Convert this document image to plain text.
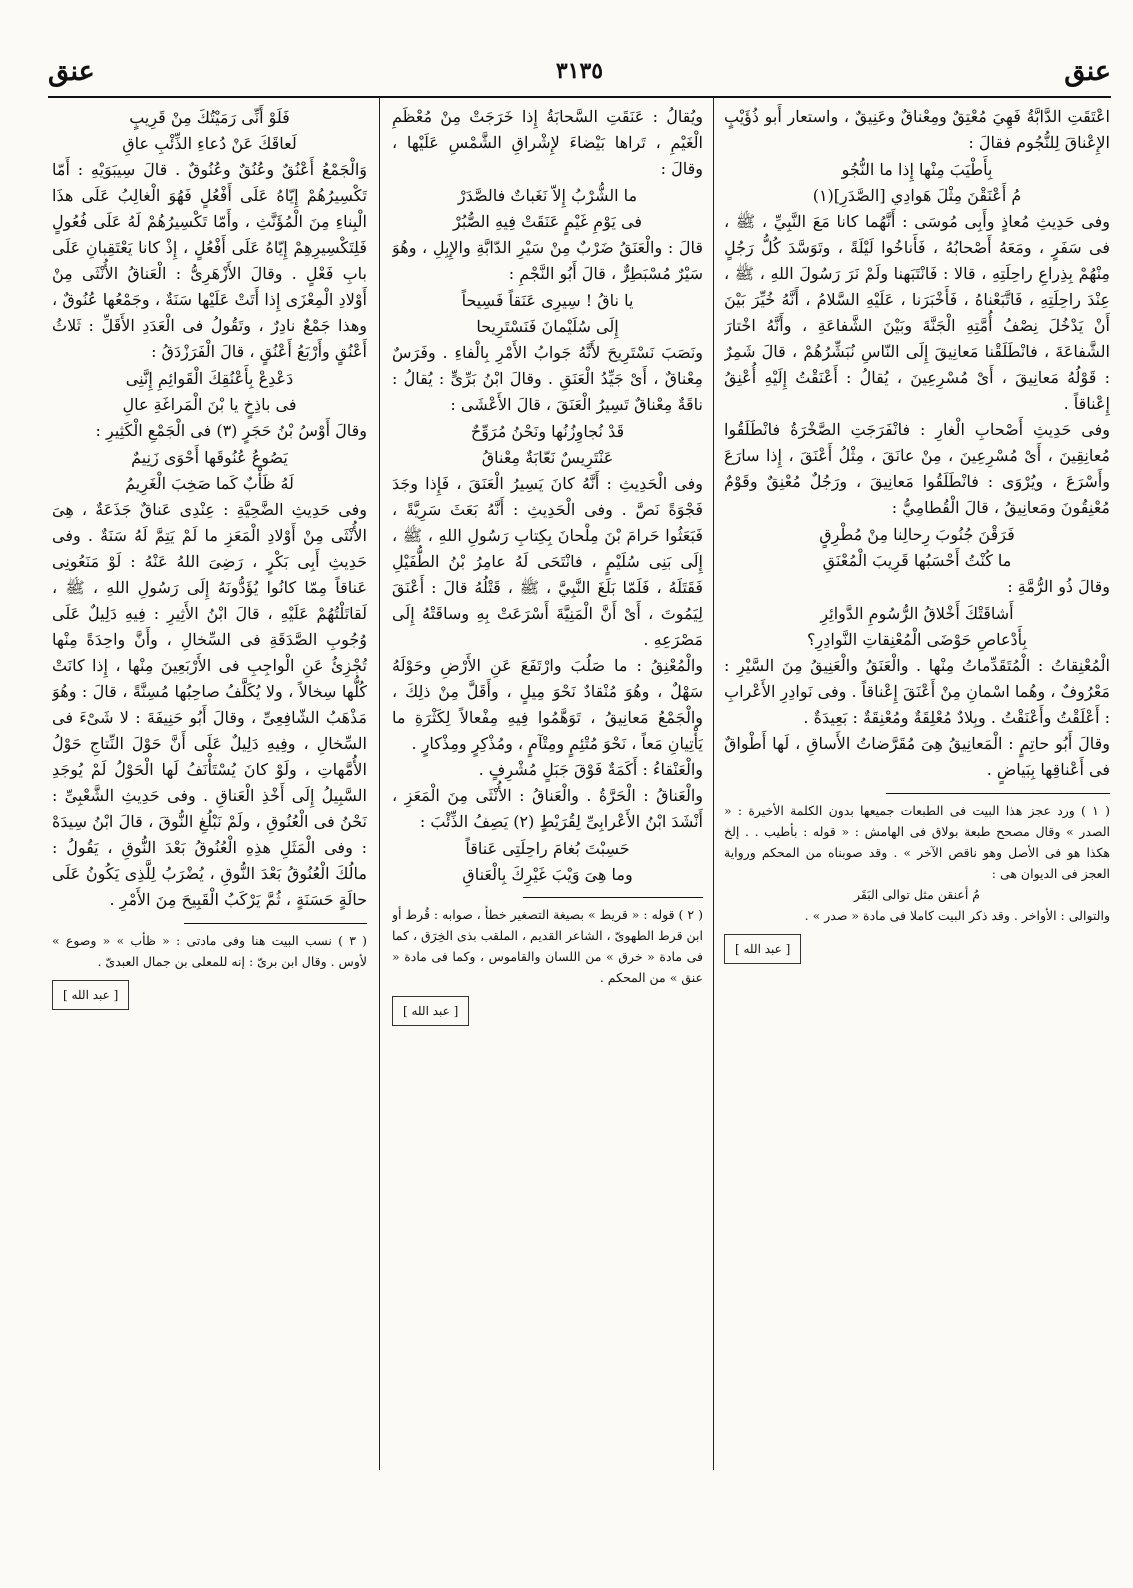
عنق
٣١٣٥
عنق

اعْتَقَتِ الدَّابَّةُ فَهِيَ مُعْتِقٌ ومِعْناقٌ وعَنِيقٌ ، واستعار أَبو ذُؤَيْبٍ الإِعْناقَ لِلنُّجُوم فقالَ :

بِأَطْيَبَ مِنْها إِذا ما النُّجُو
مُ أَعْنَقْنَ مِثْلَ هَوادِي [الصَّدَرِ](١)

وفى حَدِيثِ مُعاذٍ وأَبِى مُوسَى : أَنَّهُما كانا مَعَ النَّبِيِّ ، ﷺ ، فى سَفَرٍ ، ومَعَهُ أَصْحابُهُ ، فَأَناخُوا لَيْلَةً ، وتَوَسَّدَ كُلُّ رَجُلٍ مِنْهُمْ بِذِراعِ راحِلَتِهِ ، قالا : فَانْتَبَهنا ولَمْ نَرَ رَسُولَ اللهِ ، ﷺ ، عِنْدَ راحِلَتِهِ ، فَاتَّبَعْناهُ ، فَأَخْبَرَنا ، عَلَيْهِ السَّلامُ ، أَنَّهُ خُيِّرَ بَيْنَ أَنْ يَدْخُلَ نِصْفُ أُمَّتِهِ الْجَنَّةَ وبَيْنَ الشَّفاعَةِ ، وأَنَّهُ اخْتارَ الشَّفاعَةَ ، فانْطَلَقْنا مَعانِيقَ إِلَى النّاسِ نُبَشِّرُهُمْ ، قالَ شَمِرٌ : قَوْلُهُ مَعانِيقَ ، أَىْ مُسْرِعِينَ ، يُقالُ : أَعْنَقْتُ إِلَيْهِ أُعْنِقُ إِعْناقاً .

وفى حَدِيثِ أَصْحابِ الْغارِ : فانْفَرَجَتِ الصَّخْرَةُ فانْطَلَقُوا مُعانِقِينَ ، أَىْ مُسْرِعِينَ ، مِنْ عانَقَ ، مِثْلُ أَعْنَقَ ، إِذا سارَعَ وأَسْرَعَ ، ويُرْوَى : فانْطَلَقُوا مَعانِيقَ ، ورَجُلٌ مُعْنِقٌ وقَوْمٌ مُعْنِقُونَ ومَعانِيقُ ، قالَ الْقُطامِيُّ :

فَرَقْنَ جُنُوبَ رِحالِنا مِنْ مُطْرِقٍ
ما كُنْتُ أَحْسَبُها قَرِيبَ الْمُعْنَقِ

وقالَ ذُو الرُّمَّةِ :

أَشاقَتْكَ أَخْلاقُ الرُّسُومِ الدَّوائِرِ
بِأَدْعاصِ حَوْضَى الْمُعْنِقاتِ النَّوادِرِ؟

الْمُعْنِقاتُ : الْمُتَقَدِّماتُ مِنْها . والْعَنَقُ والْعَنِيقُ مِنَ السَّيْرِ : مَعْرُوفٌ ، وهُما اسْمانِ مِنْ أَعْنَقَ إِعْناقاً . وفى نَوادِرِ الأَعْرابِ : أَعْلَقْتُ وأَعْنَقْتُ . وبِلادٌ مُعْلِقَةٌ ومُعْنِقَةٌ : بَعِيدَةٌ .

وقالَ أَبُو حاتِمٍ : الْمَعانِيقُ هِىَ مُقَرَّضاتُ الأَساقِ ، لَها أَطْواقٌ فى أَعْناقِها بِبَياضٍ .

( ١ ) ورد عجز هذا البيت فى الطبعات جميعها بدون الكلمة الأخيرة : « الصدر » وقال مصحح طبعة بولاق فى الهامش : « قوله : بأطيب . . إلخ هكذا هو فى الأصل وهو ناقص الآخر » . وقد صوبناه من المحكم ورواية العجز فى الديوان هى :

مُ أعنقن مثل توالى البَقَر

والتوالى : الأواخر . وقد ذكر البيت كاملا فى مادة « صدر » .

[ عبد الله ]

ويُقالُ : عَنَقَتِ السَّحابَةُ إِذا خَرَجَتْ مِنْ مُعْظَمِ الْغَيْمِ ، تَراها بَيْضاءَ لإِشْراقِ الشَّمْسِ عَلَيْها ، وقالَ :

ما الشُّرْبُ إِلاّ نَغَباتٌ فالصَّدَرْ
فى يَوْمِ غَيْمٍ عَنَقَتْ فِيهِ الصُّبُرْ

قالَ : والْعَنَقُ ضَرْبٌ مِنْ سَيْرِ الدّابَّةِ والإِبِلِ ، وهُوَ سَيْرٌ مُسْبَطِرٌّ ، قالَ أَبُو النَّجْمِ :

يا ناقُ ! سِيرِى عَنَقاً فَسِيحاً
إِلَى سُلَيْمانَ فَنَسْتَرِيحا

ونَصَبَ نَسْتَرِيحَ لأَنَّهُ جَوابُ الأَمْرِ بِالْفاءِ . وفَرَسٌ مِعْناقٌ ، أَىْ جَيِّدُ الْعَنَقِ . وقالَ ابْنُ بَرِّىٍّ : يُقالُ : ناقَةٌ مِعْناقٌ تَسِيرُ الْعَنَقَ ، قالَ الأَعْشَى :

قَدْ نُجاوِزُنُها ونَحْنُ مُرَوِّحٌ
عَنْتَرِيسٌ نَعّابَةٌ مِعْناقُ

وفى الْحَدِيثِ : أَنَّهُ كانَ يَسِيرُ الْعَنَقَ ، فَإِذا وجَدَ فَجْوَةً نَصَّ . وفى الْحَدِيثِ : أَنَّهُ بَعَثَ سَرِيَّةً ، فَبَعَثُوا حَرامَ بْنَ مِلْحانَ بِكِتابِ رَسُولِ اللهِ ، ﷺ ، إِلَى بَنِى سُلَيْمٍ ، فانْتَحَى لَهُ عامِرُ بْنُ الطُّفَيْلِ فَقَتَلَهُ ، فَلَمّا بَلَغَ النَّبِيَّ ، ﷺ ، قَتْلُهُ قالَ : أَعْنَقَ لِيَمُوتَ ، أَىْ أَنَّ الْمَنِيَّةَ أَسْرَعَتْ بِهِ وساقَتْهُ إِلَى مَصْرَعِهِ .

والْمُعْنِقُ : ما صَلُبَ وارْتَفَعَ عَنِ الأَرْضِ وحَوْلَهُ سَهْلٌ ، وهُوَ مُنْقادٌ نَحْوَ مِيلٍ ، وأَقَلَّ مِنْ ذلِكَ ، والْجَمْعُ مَعانِيقُ ، تَوَهَّمُوا فِيهِ مِفْعالاً لِكَثْرَةِ ما يَأْتِيانِ مَعاً ، نَحْوَ مُتْئِمٍ ومِتْآمٍ ، ومُذْكِرٍ ومِذْكارٍ .

والْعَنْقاءُ : أَكَمَةٌ فَوْقَ جَبَلٍ مُشْرِفٍ .

والْعَناقُ : الْحَرَّةُ . والْعَناقُ : الأُنْثَى مِنَ الْمَعَزِ ، أَنْشَدَ ابْنُ الأَعْرابِىِّ لِقُرَيْطٍ (٢) يَصِفُ الذِّئْبَ :

حَسِبْتَ بُغامَ راحِلَتِى عَناقاً
وما هِىَ وَيْبَ غَيْرِكَ بِالْعَناقِ

( ٢ ) قوله : « قريط » بصيغة التصغير خطأ ، صوابه : قُرط أو ابن قرط الطهوىّ ، الشاعر القديم ، الملقب بذى الخِرَق ، كما فى مادة « خرق » من اللسان والقاموس ، وكما فى مادة « عنق » من المحكم .

[ عبد الله ]
فَلَوْ أَنِّى رَمَيْتُكَ مِنْ قَرِيبٍ
لَعاقَكَ عَنْ دُعاءِ الذِّئْبِ عاقِ

وَالْجَمْعُ أَعْنُقٌ وعُنُقٌ وعُنُوقٌ . قالَ سِيبَوَيْهِ : أَمّا تَكْسِيرُهُمْ إِيّاهُ عَلَى أَفْعُلٍ فَهُوَ الْغالِبُ عَلَى هذَا الْبِناءِ مِنَ الْمُؤَنَّثِ ، وأَمّا تَكْسِيرُهُمْ لَهُ عَلَى فُعُولٍ فَلِتَكْسِيرِهِمْ إِيّاهُ عَلَى أَفْعُلٍ ، إِذْ كانا يَعْتَقِبانِ عَلَى بابِ فَعْلٍ . وقالَ الأَزْهَرِىُّ : الْعَناقُ الأُنْثَى مِنْ أَوْلادِ الْمِعْزَى إِذا أَتَتْ عَلَيْها سَنَةٌ ، وجَمْعُها عُنُوقٌ ، وهذا جَمْعٌ نادِرٌ ، وتَقُولُ فى الْعَدَدِ الأَقَلِّ : ثَلاثُ أَعْنُقٍ وأَرْبَعُ أَعْنُقٍ ، قالَ الْفَرَزْدَقُ :

دَعْدِعْ بِأَعْنُقِكَ الْقَوائِمِ إِنَّنِى
فى باذِخٍ يا بْنَ الْمَراغَةِ عالِ

وقالَ أَوْسُ بْنُ حَجَرٍ (٣) فى الْجَمْعِ الْكَثِيرِ :

يَصُوعُ عُنُوقَها أَحْوَى زَنِيمٌ
لَهُ ظَأْبٌ كَما صَخِبَ الْغَرِيمُ

وفى حَدِيثِ الضَّحِيَّةِ : عِنْدِى عَناقٌ جَذَعَةٌ ، هِىَ الأُنْثَى مِنْ أَوْلادِ الْمَعَزِ ما لَمْ يَتِمَّ لَهُ سَنَةٌ . وفى حَدِيثِ أَبِى بَكْرٍ ، رَضِىَ اللهُ عَنْهُ : لَوْ مَنَعُونِى عَناقاً مِمّا كانُوا يُؤَدُّونَهُ إِلَى رَسُولِ اللهِ ، ﷺ ، لَقاتَلْتُهُمْ عَلَيْهِ ، قالَ ابْنُ الأَثِيرِ : فِيهِ دَلِيلٌ عَلَى وُجُوبِ الصَّدَقَةِ فى السِّخالِ ، وأَنَّ واحِدَةً مِنْها تُجْزِئُ عَنِ الْواجِبِ فى الأَرْبَعِينَ مِنْها ، إِذا كانَتْ كُلُّها سِخالاً ، ولا يُكَلَّفُ صاحِبُها مُسِنَّةً ، قالَ : وهُوَ مَذْهَبُ الشّافِعِىِّ ، وقالَ أَبُو حَنِيفَةَ : لا شَىْءَ فى السِّخالِ ، وفِيهِ دَلِيلٌ عَلَى أَنَّ حَوْلَ النِّتاجِ حَوْلُ الأُمَّهاتِ ، ولَوْ كانَ يُسْتَأْنَفُ لَها الْحَوْلُ لَمْ يُوجَدِ السَّبِيلُ إِلَى أَخْذِ الْعَناقِ . وفى حَدِيثِ الشَّعْبِىِّ : نَحْنُ فى الْعُنُوقِ ، ولَمْ نَبْلُغِ النُّوقَ ، قالَ ابْنُ سِيدَهْ : وفى الْمَثَلِ هذِهِ الْعُنُوقُ بَعْدَ النُّوقِ ، يَقُولُ : مالُكَ الْعُنُوقُ بَعْدَ النُّوقِ ، يُضْرَبُ لِلَّذِى يَكُونُ عَلَى حالَةٍ حَسَنَةٍ ، ثُمَّ يَرْكَبُ الْقَبِيحَ مِنَ الأَمْرِ .

( ٣ ) نسب البيت هنا وفى مادتى : « ظأب » « وصوع » لأوس . وقال ابن برىّ : إنه للمعلى بن جمال العبدىّ .

[ عبد الله ]
